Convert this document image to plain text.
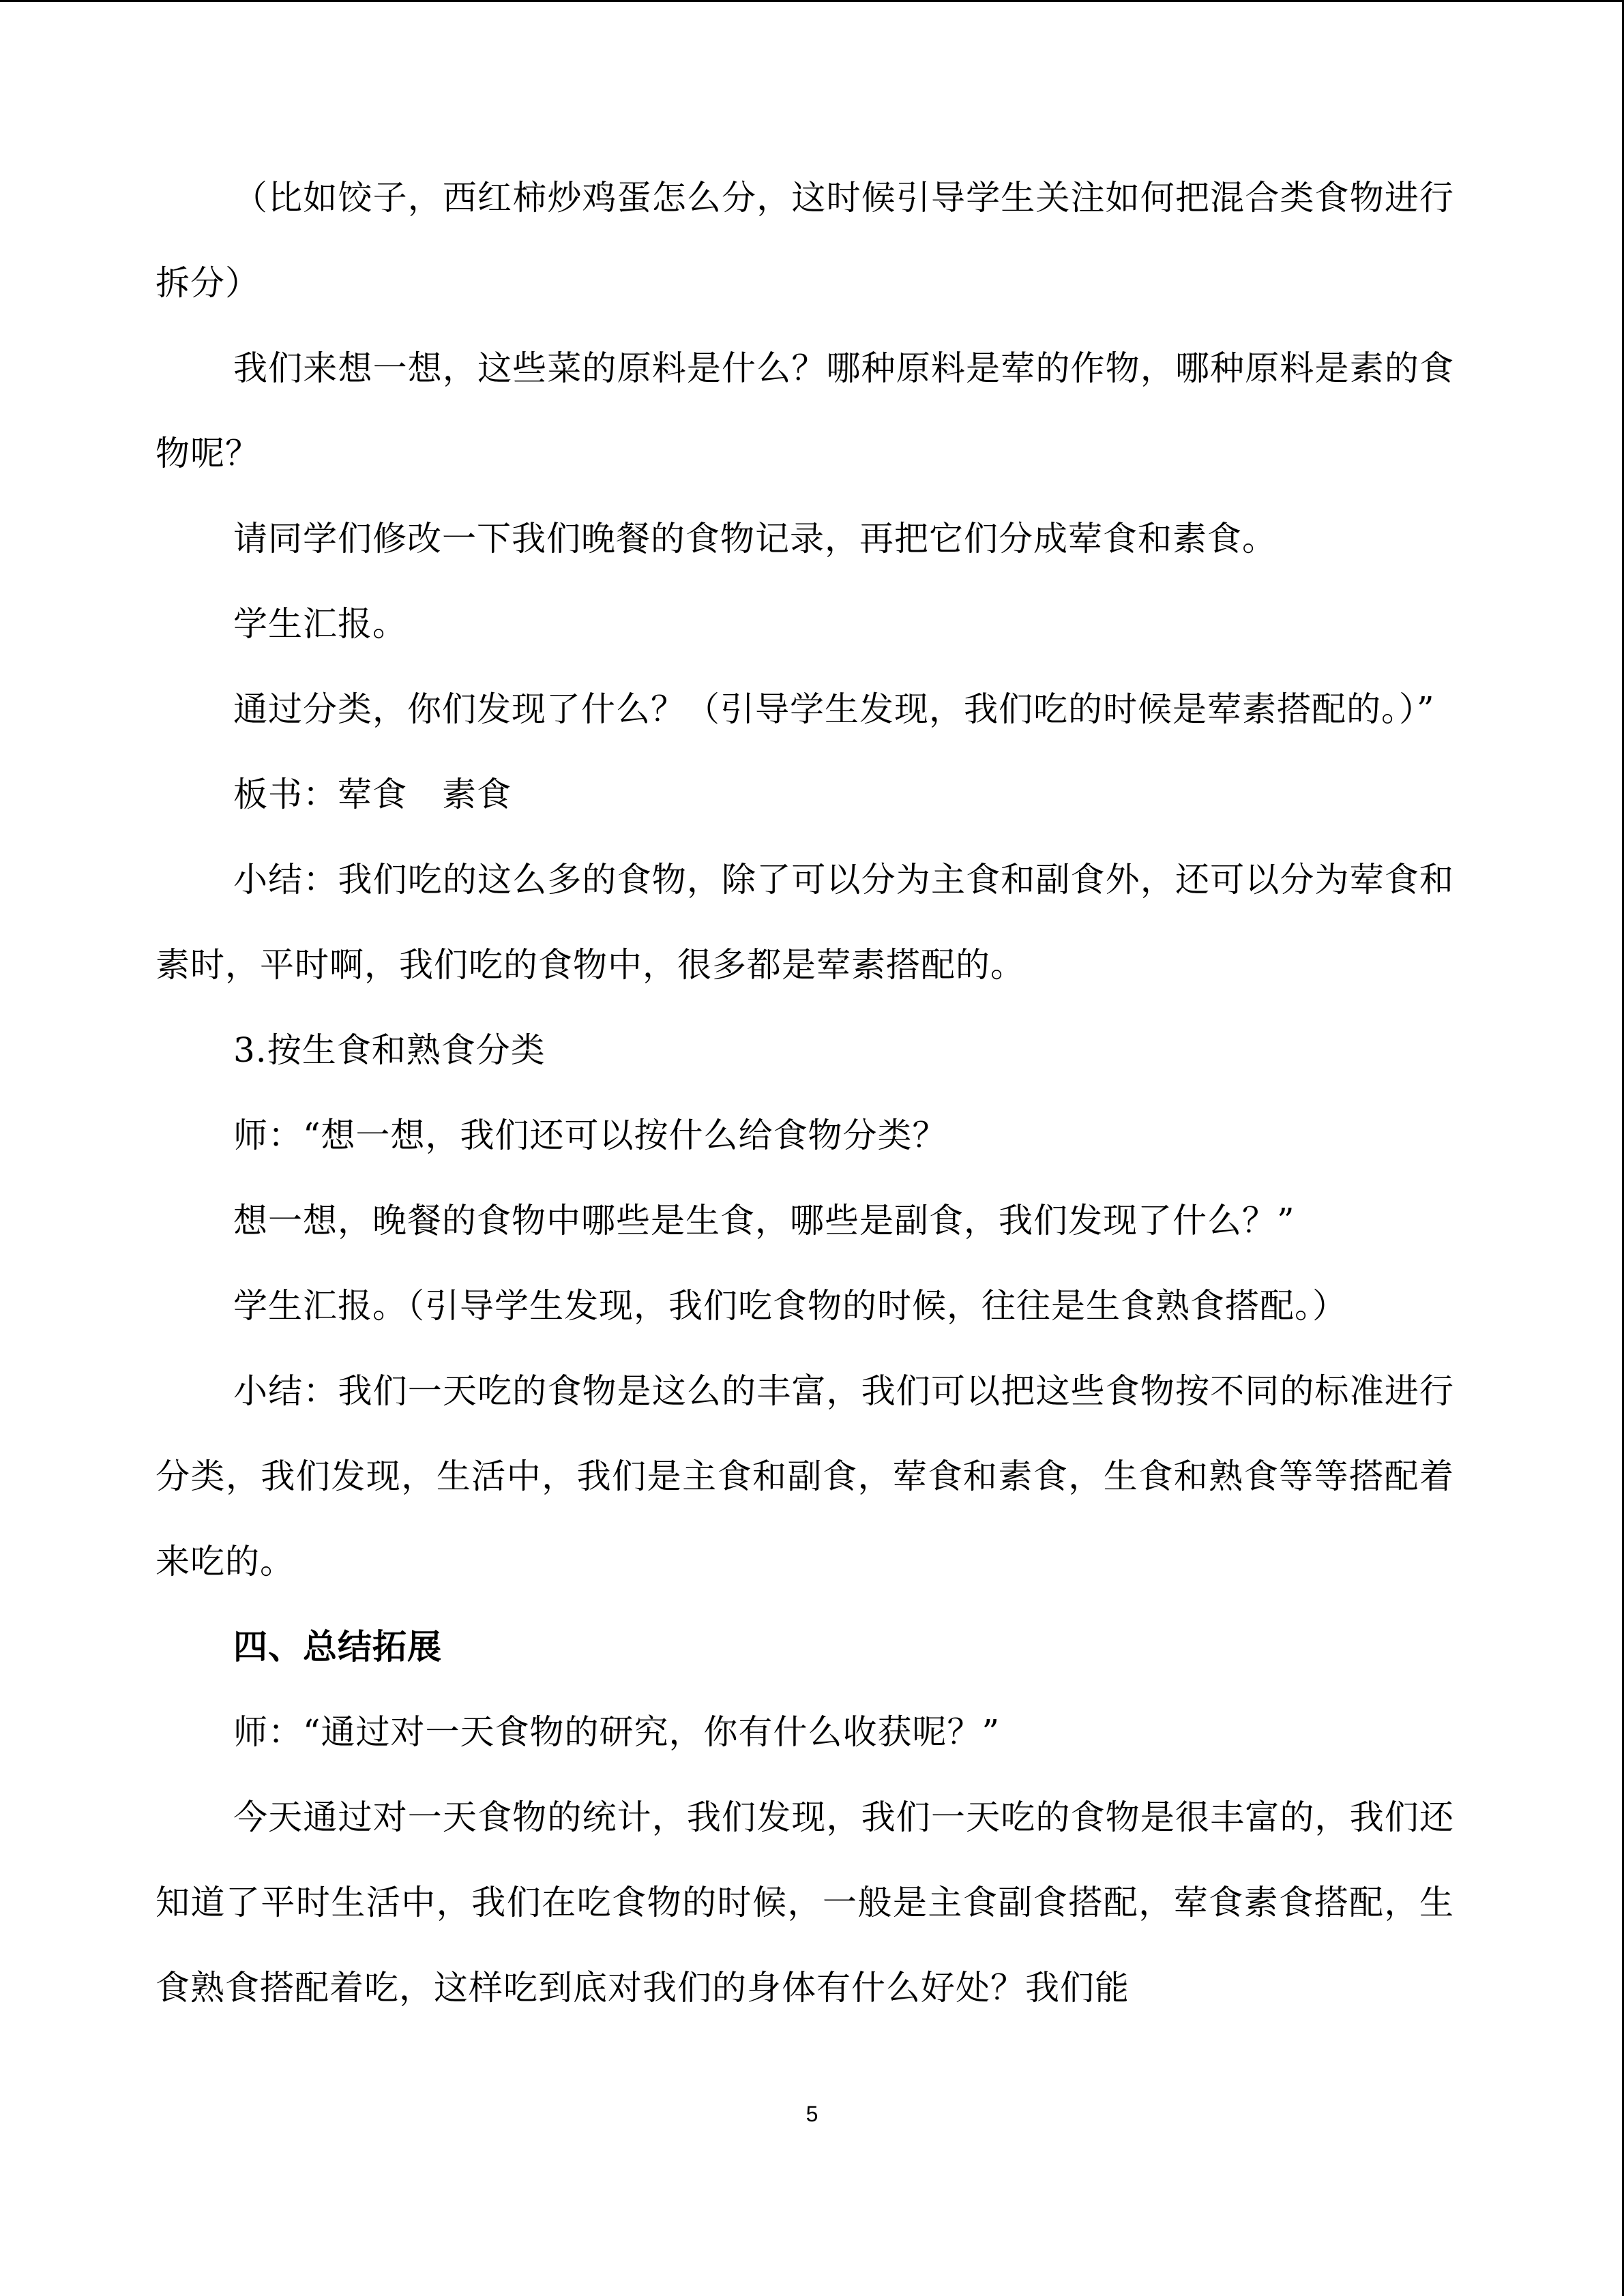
（比如饺子，西红柿炒鸡蛋怎么分，这时候引导学生关注如何把混合类食物进行拆分）

我们来想一想，这些菜的原料是什么？哪种原料是荤的作物，哪种原料是素的食物呢？

请同学们修改一下我们晚餐的食物记录，再把它们分成荤食和素食。

学生汇报。

通过分类，你们发现了什么？（引导学生发现，我们吃的时候是荤素搭配的。）”

板书：荤食　素食

小结：我们吃的这么多的食物，除了可以分为主食和副食外，还可以分为荤食和素时，平时啊，我们吃的食物中，很多都是荤素搭配的。

3.按生食和熟食分类

师：“想一想，我们还可以按什么给食物分类？

想一想，晚餐的食物中哪些是生食，哪些是副食，我们发现了什么？”

学生汇报。（引导学生发现，我们吃食物的时候，往往是生食熟食搭配。）

小结：我们一天吃的食物是这么的丰富，我们可以把这些食物按不同的标准进行分类，我们发现，生活中，我们是主食和副食，荤食和素食，生食和熟食等等搭配着来吃的。

四、总结拓展

师：“通过对一天食物的研究，你有什么收获呢？”

今天通过对一天食物的统计，我们发现，我们一天吃的食物是很丰富的，我们还知道了平时生活中，我们在吃食物的时候，一般是主食副食搭配，荤食素食搭配，生食熟食搭配着吃，这样吃到底对我们的身体有什么好处？我们能

5
